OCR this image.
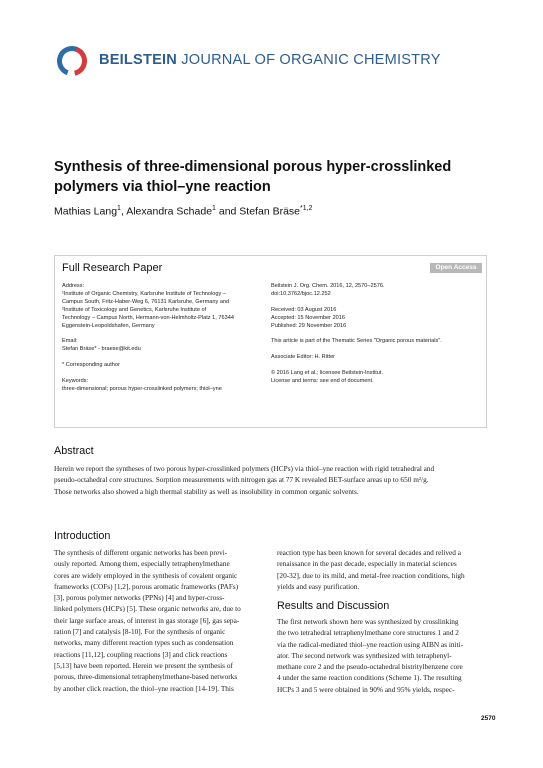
BEILSTEIN JOURNAL OF ORGANIC CHEMISTRY
Synthesis of three-dimensional porous hyper-crosslinked polymers via thiol–yne reaction
Mathias Lang$^1$, Alexandra Schade$^1$ and Stefan Bräse$^{*1,2}$
Full Research Paper	Open Access

Address:

¹Institute of Organic Chemistry, Karlsruhe Institute of Technology –

Campus South, Fritz-Haber-Weg 6, 76131 Karlsruhe, Germany and

²Institute of Toxicology and Genetics, Karlsruhe Institute of

Technology – Campus North, Hermann-von-Helmholtz-Platz 1, 76344

Eggenstein-Leopoldshafen, Germany

Email:

Stefan Bräse* - braese@kit.edu

* Corresponding author

Keywords:

three-dimensional; porous hyper-crosslinked polymers; thiol–yne

Beilstein J. Org. Chem. 2016, 12, 2570–2576.

doi:10.3762/bjoc.12.252

Received: 03 August 2016

Accepted: 15 November 2016

Published: 29 November 2016

This article is part of the Thematic Series "Organic porous materials".

Associate Editor: H. Ritter

© 2016 Lang et al.; licensee Beilstein-Institut.

License and terms: see end of document.

Abstract

Herein we report the syntheses of two porous hyper-crosslinked polymers (HCPs) via thiol–yne reaction with rigid tetrahedral and

pseudo-octahedral core structures. Sorption measurements with nitrogen gas at 77 K revealed BET-surface areas up to 650 m²/g.

Those networks also showed a high thermal stability as well as insolubility in common organic solvents.

Introduction

The synthesis of different organic networks has been previ-

ously reported. Among them, especially tetraphenylmethane

cores are widely employed in the synthesis of covalent organic

frameworks (COFs) [1,2], porous aromatic frameworks (PAFs)

[3], porous polymer networks (PPNs) [4] and hyper-cross-

linked polymers (HCPs) [5]. These organic networks are, due to

their large surface areas, of interest in gas storage [6], gas sepa-

ration [7] and catalysis [8-10]. For the synthesis of organic

networks, many different reaction types such as condensation

reactions [11,12], coupling reactions [3] and click reactions

[5,13] have been reported. Herein we present the synthesis of

porous, three-dimensional tetraphenylmethane-based networks

by another click reaction, the thiol–yne reaction [14-19]. This

reaction type has been known for several decades and relived a

renaissance in the past decade, especially in material sciences

[20-32], due to its mild, and metal-free reaction conditions, high

yields and easy purification.

Results and Discussion

The first network shown here was synthesized by crosslinking

the two tetrahedral tetraphenylmethane core structures 1 and 2

via the radical-mediated thiol–yne reaction using AIBN as initi-

ator. The second network was synthesized with tetraphenyl-

methane core 2 and the pseudo-octahedral bistritylbenzene core

4 under the same reaction conditions (Scheme 1). The resulting

HCPs 3 and 5 were obtained in 90% and 95% yields, respec-

2570
